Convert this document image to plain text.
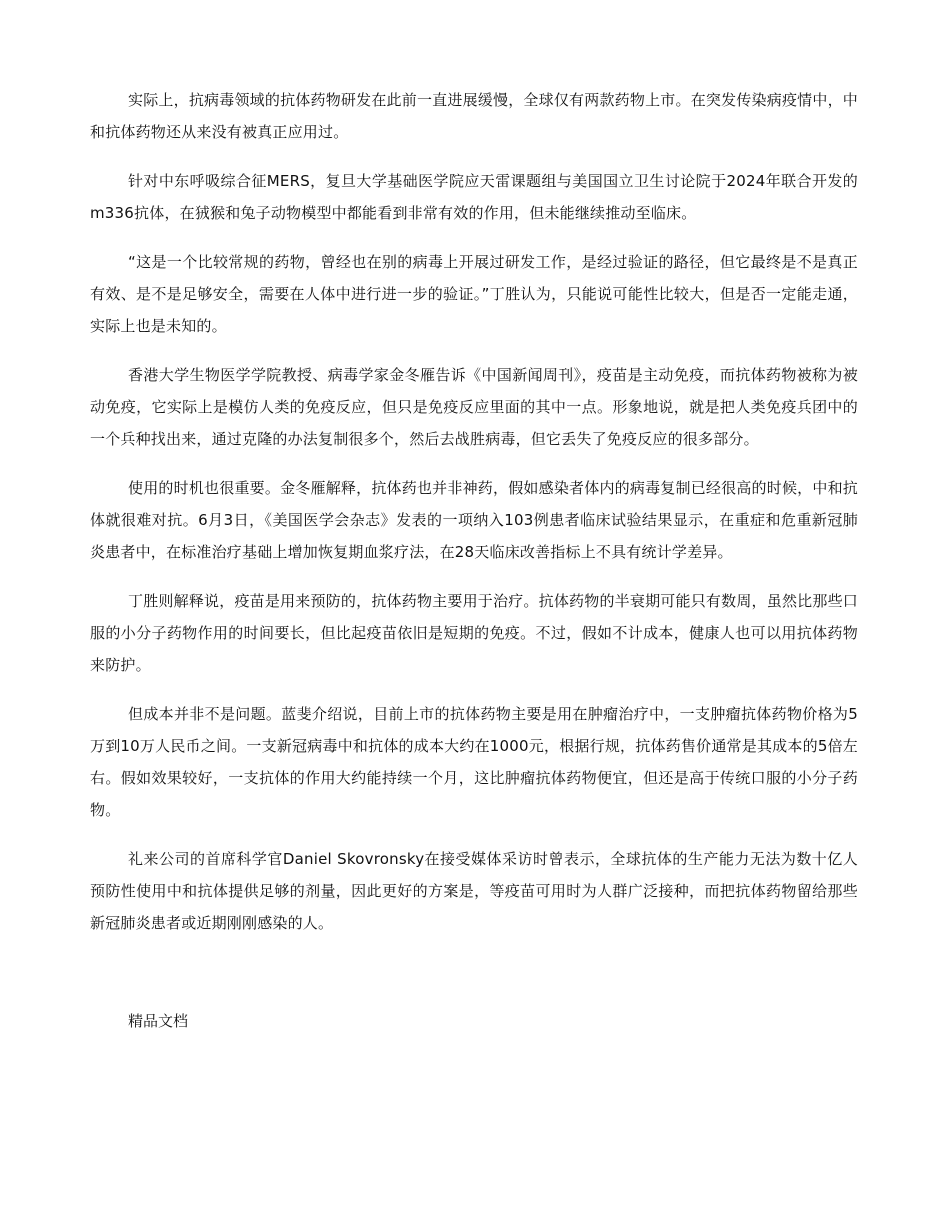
实际上，抗病毒领域的抗体药物研发在此前一直进展缓慢，全球仅有两款药物上市。在突发传染病疫情中，中和抗体药物还从来没有被真正应用过。

针对中东呼吸综合征MERS，复旦大学基础医学院应天雷课题组与美国国立卫生讨论院于2024年联合开发的m336抗体，在狨猴和兔子动物模型中都能看到非常有效的作用，但未能继续推动至临床。

“这是一个比较常规的药物，曾经也在别的病毒上开展过研发工作，是经过验证的路径，但它最终是不是真正有效、是不是足够安全，需要在人体中进行进一步的验证。”丁胜认为，只能说可能性比较大，但是否一定能走通，实际上也是未知的。

香港大学生物医学学院教授、病毒学家金冬雁告诉《中国新闻周刊》，疫苗是主动免疫，而抗体药物被称为被动免疫，它实际上是模仿人类的免疫反应，但只是免疫反应里面的其中一点。形象地说，就是把人类免疫兵团中的一个兵种找出来，通过克隆的办法复制很多个，然后去战胜病毒，但它丢失了免疫反应的很多部分。

使用的时机也很重要。金冬雁解释，抗体药也并非神药，假如感染者体内的病毒复制已经很高的时候，中和抗体就很难对抗。6月3日，《美国医学会杂志》发表的一项纳入103例患者临床试验结果显示，在重症和危重新冠肺炎患者中，在标准治疗基础上增加恢复期血浆疗法，在28天临床改善指标上不具有统计学差异。

丁胜则解释说，疫苗是用来预防的，抗体药物主要用于治疗。抗体药物的半衰期可能只有数周，虽然比那些口服的小分子药物作用的时间要长，但比起疫苗依旧是短期的免疫。不过，假如不计成本，健康人也可以用抗体药物来防护。

但成本并非不是问题。蓝斐介绍说，目前上市的抗体药物主要是用在肿瘤治疗中，一支肿瘤抗体药物价格为5万到10万人民币之间。一支新冠病毒中和抗体的成本大约在1000元，根据行规，抗体药售价通常是其成本的5倍左右。假如效果较好，一支抗体的作用大约能持续一个月，这比肿瘤抗体药物便宜，但还是高于传统口服的小分子药物。

礼来公司的首席科学官Daniel Skovronsky在接受媒体采访时曾表示，全球抗体的生产能力无法为数十亿人预防性使用中和抗体提供足够的剂量，因此更好的方案是，等疫苗可用时为人群广泛接种，而把抗体药物留给那些新冠肺炎患者或近期刚刚感染的人。

精品文档
